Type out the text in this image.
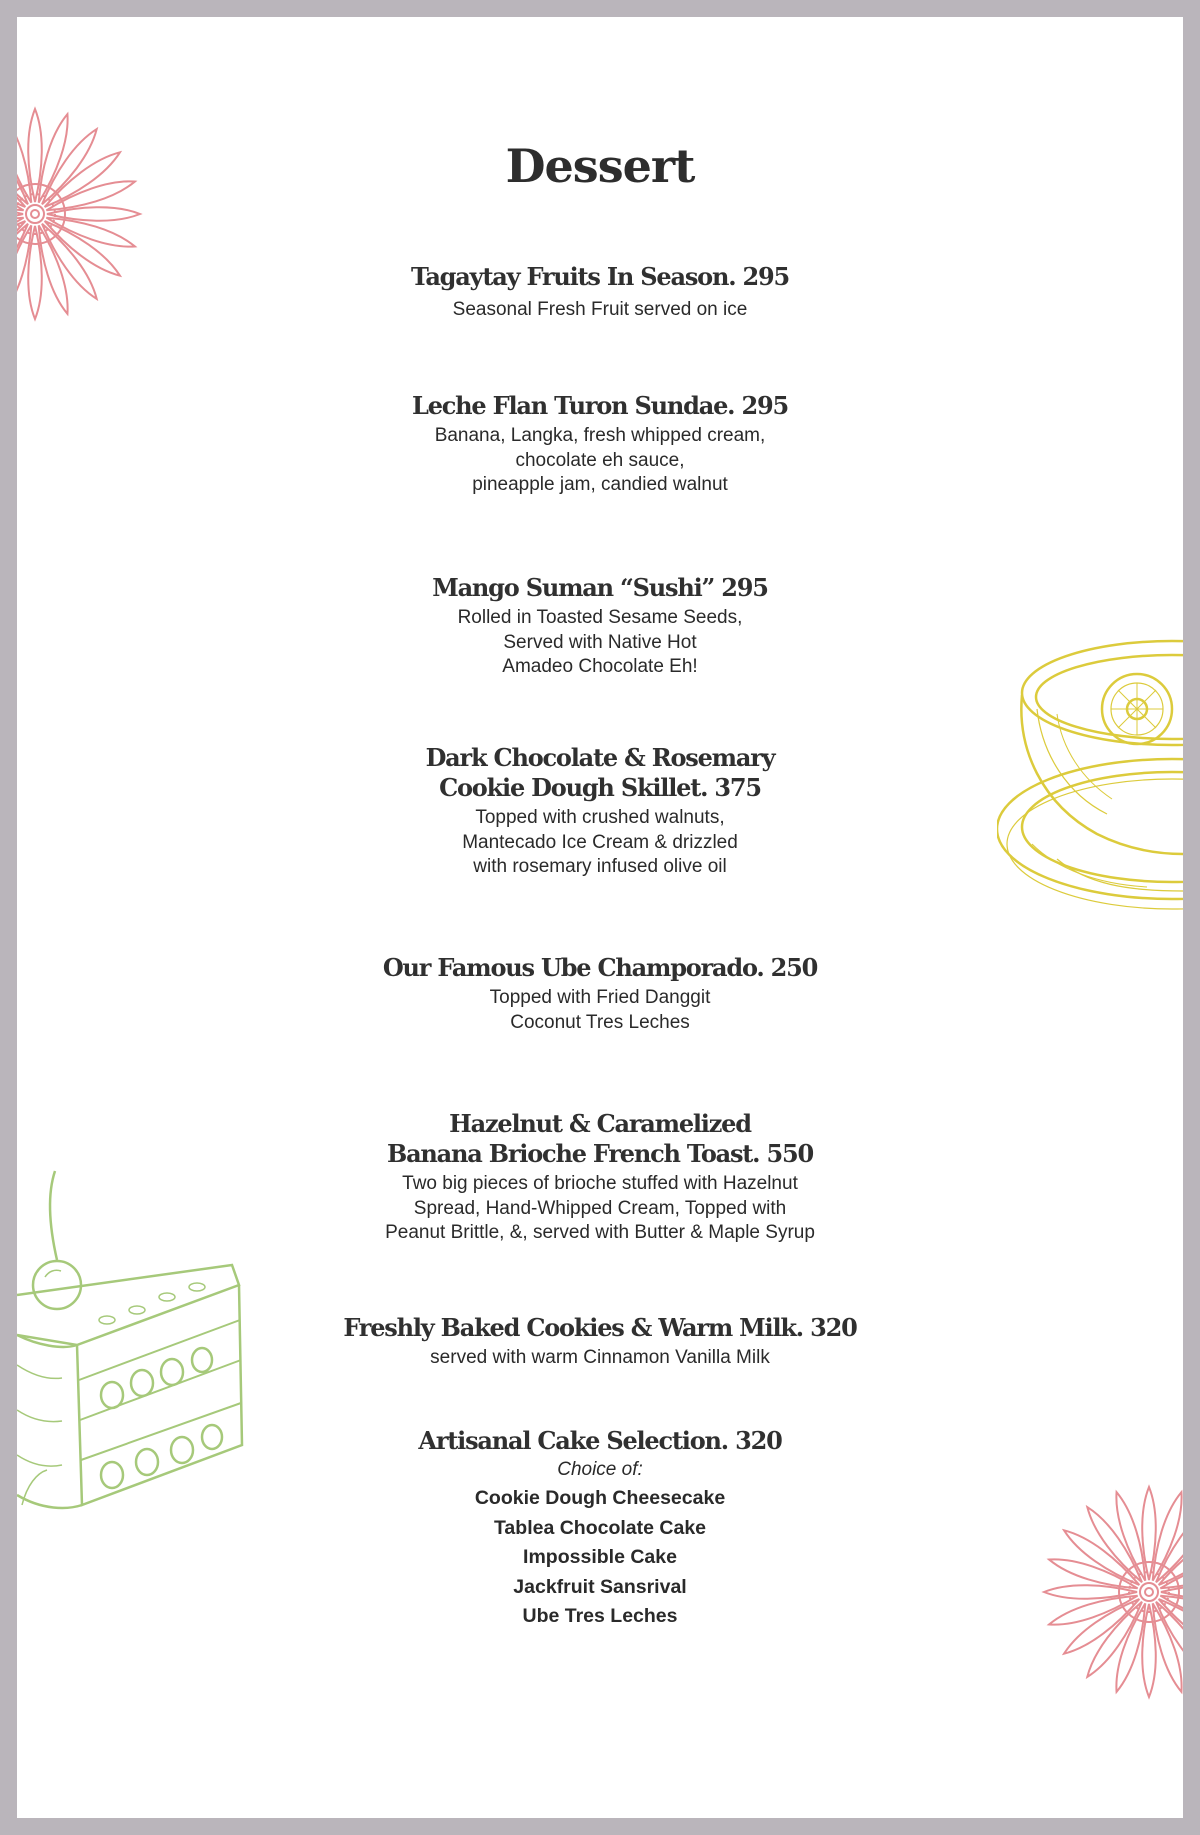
Dessert
Tagaytay Fruits In Season. 295
Seasonal Fresh Fruit served on ice
Leche Flan Turon Sundae. 295
Banana, Langka, fresh whipped cream,
chocolate eh sauce,
pineapple jam, candied walnut
Mango Suman “Sushi” 295
Rolled in Toasted Sesame Seeds,
Served with Native Hot
Amadeo Chocolate Eh!
Dark Chocolate & Rosemary
Cookie Dough Skillet. 375
Topped with crushed walnuts,
Mantecado Ice Cream & drizzled
with rosemary infused olive oil
Our Famous Ube Champorado. 250
Topped with Fried Danggit
Coconut Tres Leches
Hazelnut & Caramelized
Banana Brioche French Toast. 550
Two big pieces of brioche stuffed with Hazelnut
Spread, Hand-Whipped Cream, Topped with
Peanut Brittle, &, served with Butter & Maple Syrup
Freshly Baked Cookies & Warm Milk. 320
served with warm Cinnamon Vanilla Milk
Artisanal Cake Selection. 320
Choice of:
Cookie Dough Cheesecake
Tablea Chocolate Cake
Impossible Cake
Jackfruit Sansrival
Ube Tres Leches
